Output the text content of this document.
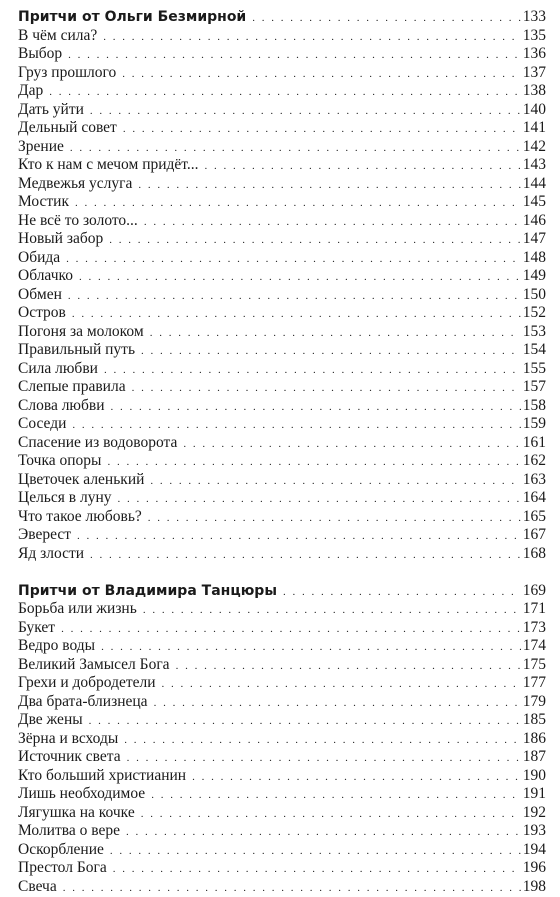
Притчи от Ольги Безмирной . . .	133
В чём сила? . . .	135
Выбор . . .	136
Груз прошлого . . .	137
Дар . . .	138
Дать уйти . . .	140
Дельный совет . . .	141
Зрение . . .	142
Кто к нам с мечом придёт... . . .	143
Медвежья услуга . . .	144
Мостик . . .	145
Не всё то золото... . . .	146
Новый забор . . .	147
Обида . . .	148
Облачко . . .	149
Обмен . . .	150
Остров . . .	152
Погоня за молоком . . .	153
Правильный путь . . .	154
Сила любви . . .	155
Слепые правила . . .	157
Слова любви . . .	158
Соседи . . .	159
Спасение из водоворота . . .	161
Точка опоры . . .	162
Цветочек аленький . . .	163
Целься в луну . . .	164
Что такое любовь? . . .	165
Эверест . . .	167
Яд злости . . .	168
Притчи от Владимира Танцюры . . .	169
Борьба или жизнь . . .	171
Букет . . .	173
Ведро воды . . .	174
Великий Замысел Бога . . .	175
Грехи и добродетели . . .	177
Два брата-близнеца . . .	179
Две жены . . .	185
Зёрна и всходы . . .	186
Источник света . . .	187
Кто больший христианин . . .	190
Лишь необходимое . . .	191
Лягушка на кочке . . .	192
Молитва о вере . . .	193
Оскорбление . . .	194
Престол Бога . . .	196
Свеча . . .	198
